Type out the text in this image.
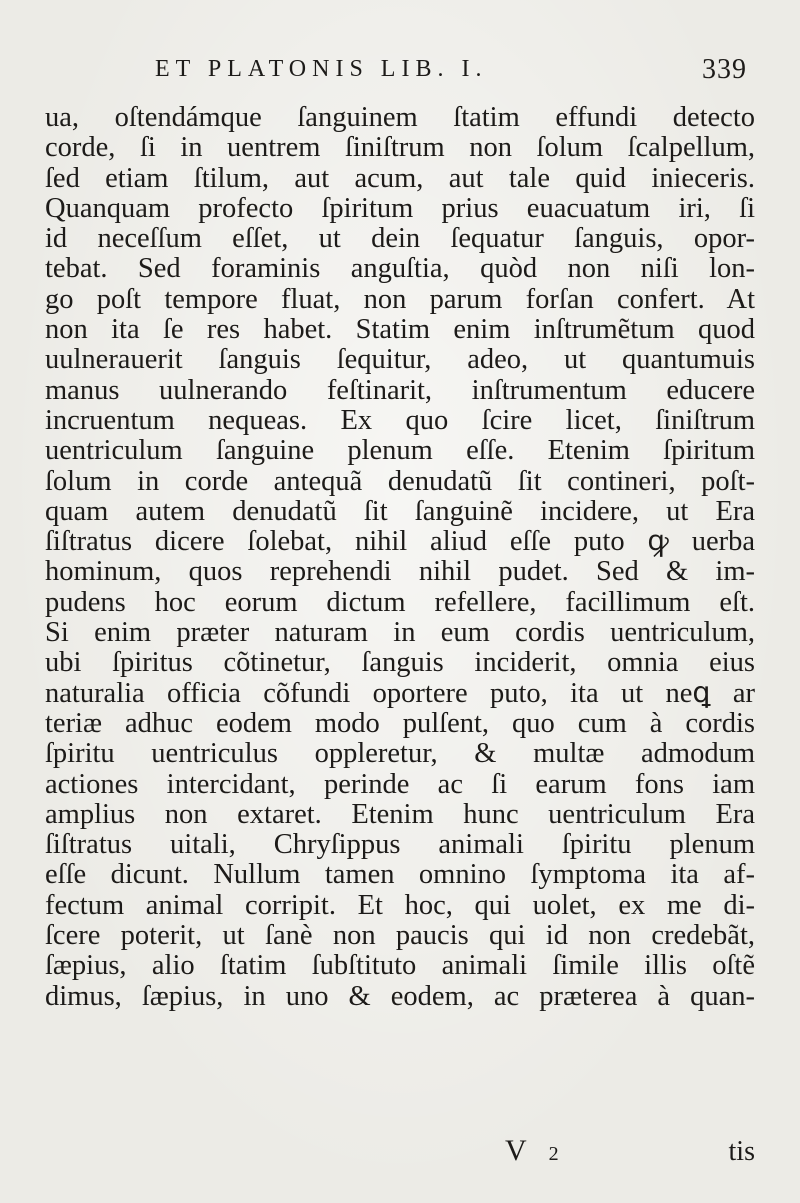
ET PLATONIS LIB. I.	339
ua, oſtendámque ſanguinem ſtatim effundi detecto
corde, ſi in uentrem ſiniſtrum non ſolum ſcalpellum,
ſed etiam ſtilum, aut acum, aut tale quid inieceris.
Quanquam profecto ſpiritum prius euacuatum iri, ſi
id neceſſum eſſet, ut dein ſequatur ſanguis, opor-
tebat. Sed foraminis anguſtia, quòd non niſi lon-
go poſt tempore fluat, non parum forſan confert. At
non ita ſe res habet. Statim enim inſtrumẽtum quod
uulnerauerit ſanguis ſequitur, adeo, ut quantumuis
manus uulnerando feſtinarit, inſtrumentum educere
incruentum nequeas. Ex quo ſcire licet, ſiniſtrum
uentriculum ſanguine plenum eſſe. Etenim ſpiritum
ſolum in corde antequã denudatũ ſit contineri, poſt-
quam autem denudatũ ſit ſanguinẽ incidere, ut Era
ſiſtratus dicere ſolebat, nihil aliud eſſe puto ꝙ uerba
hominum, quos reprehendi nihil pudet. Sed & im-
pudens hoc eorum dictum refellere, facillimum eſt.
Si enim præter naturam in eum cordis uentriculum,
ubi ſpiritus cõtinetur, ſanguis inciderit, omnia eius
naturalia officia cõfundi oportere puto, ita ut neꝗ ar
teriæ adhuc eodem modo pulſent, quo cum à cordis
ſpiritu uentriculus oppleretur, & multæ admodum
actiones intercidant, perinde ac ſi earum fons iam
amplius non extaret. Etenim hunc uentriculum Era
ſiſtratus uitali, Chryſippus animali ſpiritu plenum
eſſe dicunt. Nullum tamen omnino ſymptoma ita af-
fectum animal corripit. Et hoc, qui uolet, ex me di-
ſcere poterit, ut ſanè non paucis qui id non credebãt,
ſæpius, alio ſtatim ſubſtituto animali ſimile illis oſtẽ
dimus, ſæpius, in uno & eodem, ac præterea à quan-
V 2	tis
